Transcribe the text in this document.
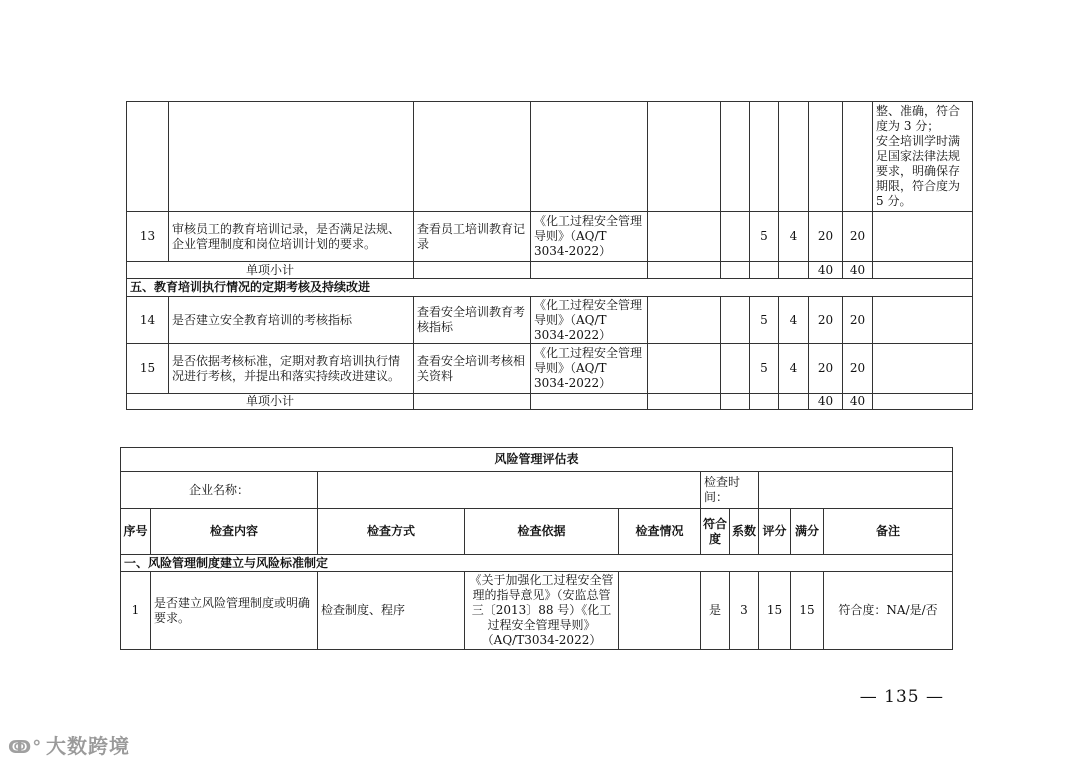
										整、准确，符合度为 3 分；
安全培训学时满足国家法律法规要求，明确保存期限，符合度为 5 分。
13	审核员工的教育培训记录，是否满足法规、企业管理制度和岗位培训计划的要求。	查看员工培训教育记录	《化工过程安全管理导则》（AQ/T 3034-2022）			5	4	20	20	
单项小计								40	40	
五、教育培训执行情况的定期考核及持续改进										
14	是否建立安全教育培训的考核指标	查看安全培训教育考核指标	《化工过程安全管理导则》（AQ/T 3034-2022）			5	4	20	20	
15	是否依据考核标准，定期对教育培训执行情况进行考核，并提出和落实持续改进建议。	查看安全培训考核相关资料	《化工过程安全管理导则》（AQ/T 3034-2022）			5	4	20	20	
单项小计								40	40	
风险管理评估表									
企业名称：					检查时间：				
序号	检查内容	检查方式	检查依据	检查情况	符合度	系数	评分	满分	备注
一、风险管理制度建立与风险标准制定									
1	是否建立风险管理制度或明确要求。	检查制度、程序	《关于加强化工过程安全管理的指导意见》（安监总管三〔2013〕88 号）《化工过程安全管理导则》（AQ/T3034-2022）		是	3	15	15	符合度：NA/是/否
— 135 —
ↂ° 大数跨境
